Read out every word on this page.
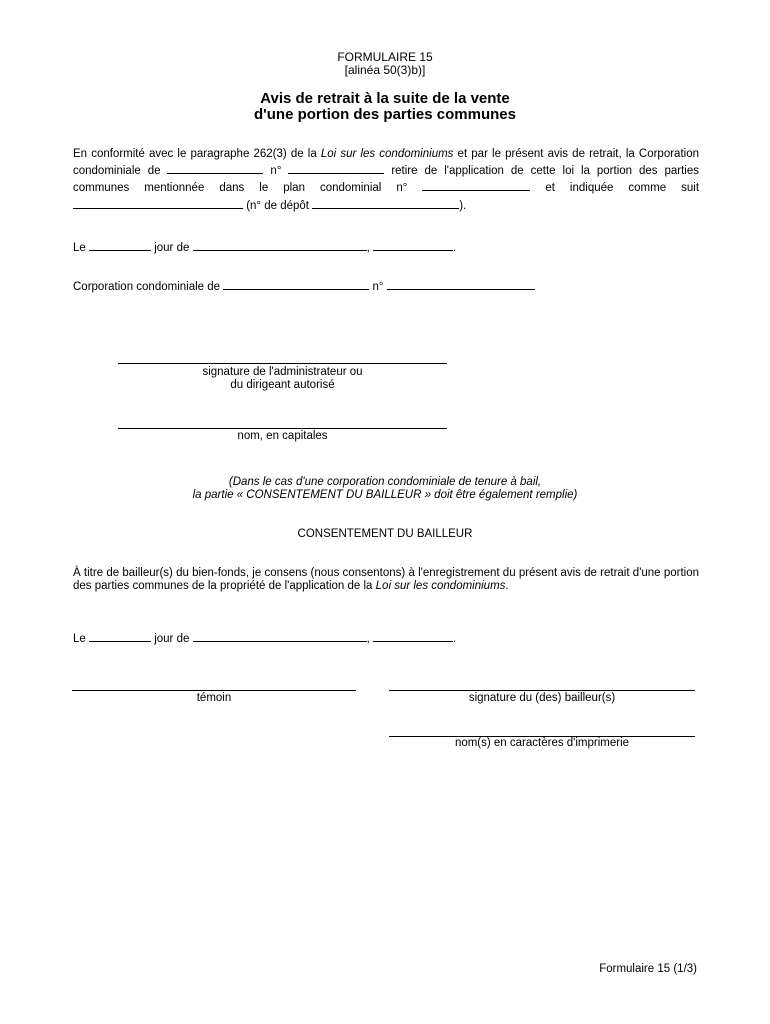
FORMULAIRE 15
[alinéa 50(3)b)]
Avis de retrait à la suite de la vente
d'une portion des parties communes
En conformité avec le paragraphe 262(3) de la Loi sur les condominiums et par le présent avis de retrait, la Corporation condominiale de	n°	retire de l'application de cette loi la portion des parties communes mentionnée dans le plan condominial n°	et indiquée comme suit  (n° de dépôt	).
Le	jour de	,	.
Corporation condominiale de	n°
signature de l'administrateur ou
du dirigeant autorisé
nom, en capitales
(Dans le cas d'une corporation condominiale de tenure à bail,
la partie « CONSENTEMENT DU BAILLEUR » doit être également remplie)
CONSENTEMENT DU BAILLEUR
À titre de bailleur(s) du bien-fonds, je consens (nous consentons) à l'enregistrement du présent avis de retrait d'une portion des parties communes de la propriété de l'application de la Loi sur les condominiums.
Le	jour de	,	.
témoin	signature du (des) bailleur(s)
nom(s) en caractères d'imprimerie
Formulaire 15 (1/3)
